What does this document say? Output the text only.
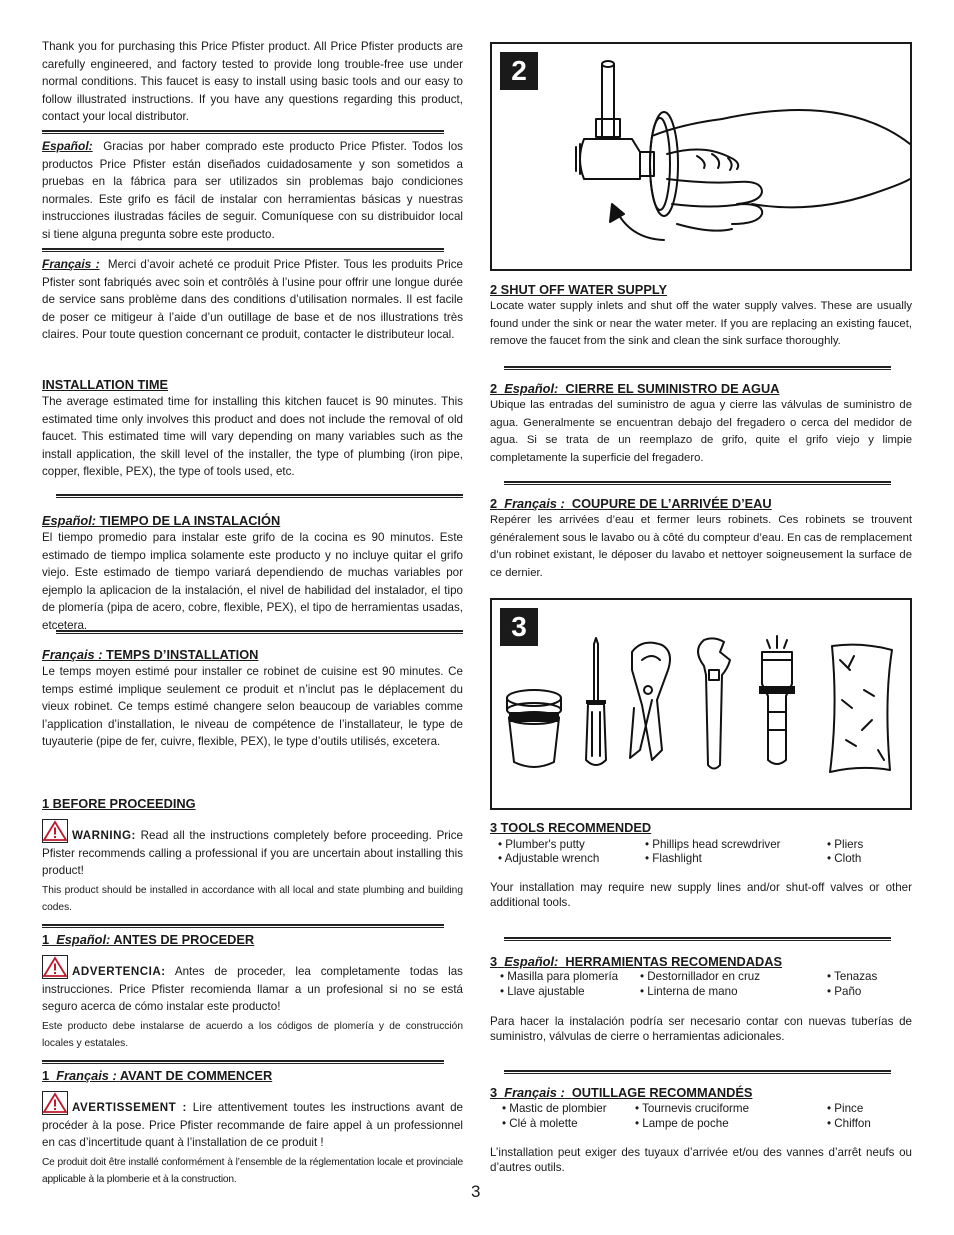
Thank you for purchasing this Price Pfister product. All Price Pfister products are carefully engineered, and factory tested to provide long trouble-free use under normal conditions. This faucet is easy to install using basic tools and our easy to follow illustrated instructions. If you have any questions regarding this product, contact your local distributor.

Español: Gracias por haber comprado este producto Price Pfister. Todos los productos Price Pfister están diseñados cuidadosamente y son sometidos a pruebas en la fábrica para ser utilizados sin problemas bajo condiciones normales. Este grifo es fácil de instalar con herramientas básicas y nuestras instrucciones ilustradas fáciles de seguir. Comuníquese con su distribuidor local si tiene alguna pregunta sobre este producto.

Français : Merci d’avoir acheté ce produit Price Pfister. Tous les produits Price Pfister sont fabriqués avec soin et contrôlés à l’usine pour offrir une longue durée de service sans problème dans des conditions d’utilisation normales. Il est facile de poser ce mitigeur à l’aide d’un outillage de base et de nos illustrations très claires. Pour toute question concernant ce produit, contacter le distributeur local.

INSTALLATION TIME

The average estimated time for installing this kitchen faucet is 90 minutes. This estimated time only involves this product and does not include the removal of old faucet. This estimated time will vary depending on many variables such as the install application, the skill level of the installer, the type of plumbing (iron pipe, copper, flexible, PEX), the type of tools used, etc.

Español: TIEMPO DE LA INSTALACIÓN

El tiempo promedio para instalar este grifo de la cocina es 90 minutos. Este estimado de tiempo implica solamente este producto y no incluye quitar el grifo viejo. Este estimado de tiempo variará dependiendo de muchas variables por ejemplo la aplicacion de la instalación, el nivel de habilidad del instalador, el tipo de plomería (pipa de acero, cobre, flexible, PEX), el tipo de herramientas usadas, etcetera.

Français : TEMPS D’INSTALLATION

Le temps moyen estimé pour installer ce robinet de cuisine est 90 minutes. Ce temps estimé implique seulement ce produit et n’inclut pas le déplacement du vieux robinet. Ce temps estimé changere selon beaucoup de variables comme l’application d’installation, le niveau de compétence de l’installateur, le type de tuyauterie (pipe de fer, cuivre, flexible, PEX), le type d’outils utilisés, excetera.

1 BEFORE PROCEEDING

WARNING: Read all the instructions completely before proceeding. Price Pfister recommends calling a professional if you are uncertain about installing this product!

This product should be installed in accordance with all local and state plumbing and building codes.

1 Español: ANTES DE PROCEDER

ADVERTENCIA: Antes de proceder, lea completamente todas las instrucciones. Price Pfister recomienda llamar a un profesional si no se está seguro acerca de cómo instalar este producto!

Este producto debe instalarse de acuerdo a los códigos de plomería y de construcción locales y estatales.

1 Français : AVANT DE COMMENCER

AVERTISSEMENT : Lire attentivement toutes les instructions avant de procéder à la pose. Price Pfister recommande de faire appel à un professionnel en cas d’incertitude quant à l’installation de ce produit !

Ce produit doit être installé conformément à l’ensemble de la réglementation locale et provinciale applicable à la plomberie et à la construction.

2
2 SHUT OFF WATER SUPPLY

Locate water supply inlets and shut off the water supply valves. These are usually found under the sink or near the water meter. If you are replacing an existing faucet, remove the faucet from the sink and clean the sink surface thoroughly.

2 Español: CIERRE EL SUMINISTRO DE AGUA

Ubique las entradas del suministro de agua y cierre las válvulas de suministro de agua. Generalmente se encuentran debajo del fregadero o cerca del medidor de agua. Si se trata de un reemplazo de grifo, quite el grifo viejo y limpie completamente la superficie del fregadero.

2 Français : COUPURE DE L’ARRIVÉE D’EAU

Repérer les arrivées d’eau et fermer leurs robinets. Ces robinets se trouvent généralement sous le lavabo ou à côté du compteur d’eau. En cas de remplacement d’un robinet existant, le déposer du lavabo et nettoyer soigneusement la surface de ce dernier.

3
3 TOOLS RECOMMENDED
• Plumber's putty	• Phillips head screwdriver	• Pliers
• Adjustable wrench	• Flashlight	• Cloth

Your installation may require new supply lines and/or shut-off valves or other additional tools.

3 Español: HERRAMIENTAS RECOMENDADAS
• Masilla para plomería • Destornillador en cruz	• Tenazas
• Llave ajustable	• Linterna de mano	• Paño

Para hacer la instalación podría ser necesario contar con nuevas tuberías de suministro, válvulas de cierre o herramientas adicionales.

3 Français : OUTILLAGE RECOMMANDÉS
• Mastic de plombier • Tournevis cruciforme	• Pince
• Clé à molette	• Lampe de poche	• Chiffon

L’installation peut exiger des tuyaux d’arrivée et/ou des vannes d’arrêt neufs ou d’autres outils.

3
